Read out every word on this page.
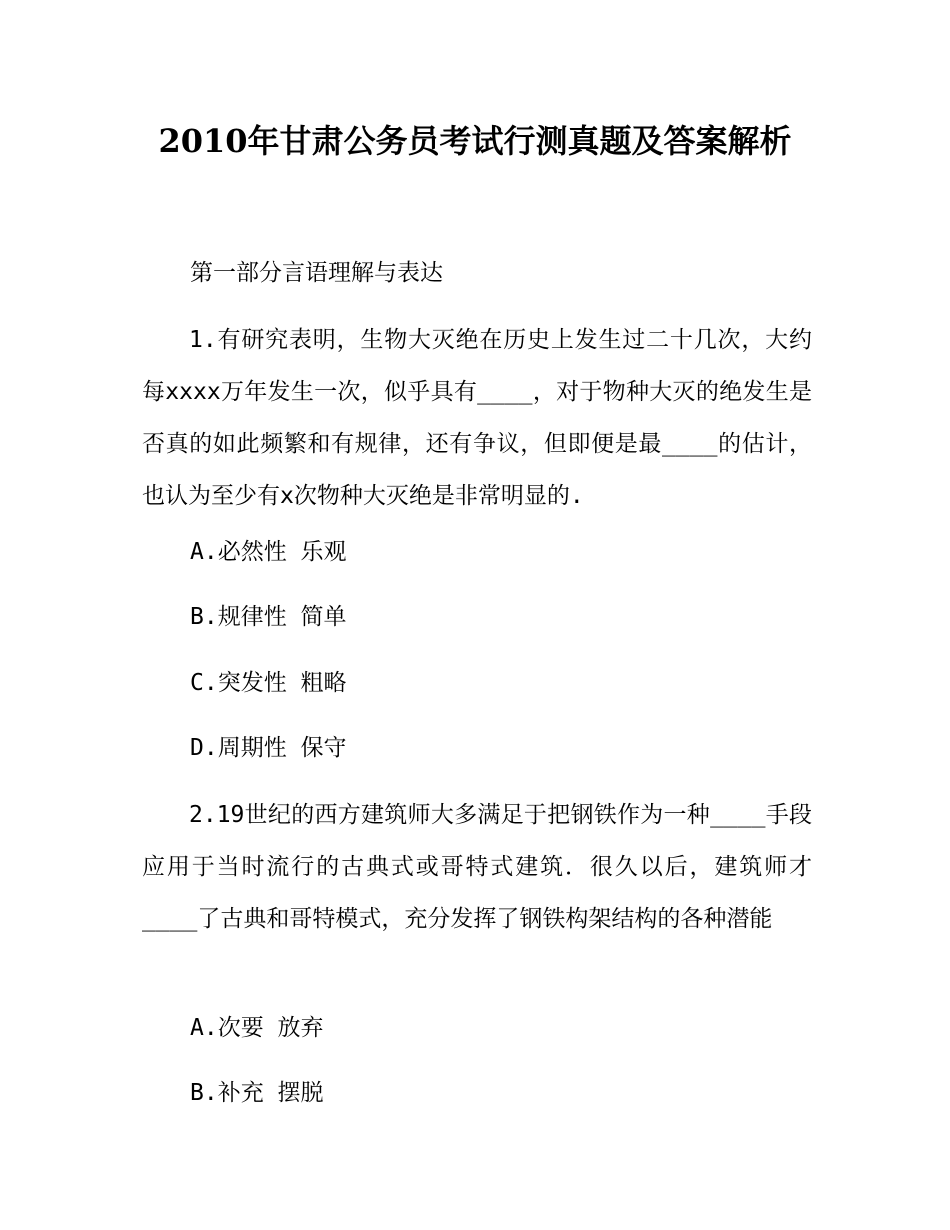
2010年甘肃公务员考试行测真题及答案解析
第一部分言语理解与表达
1.有研究表明，生物大灭绝在历史上发生过二十几次，大约每xxxx万年发生一次，似乎具有____，对于物种大灭的绝发生是否真的如此频繁和有规律，还有争议，但即便是最____的估计，也认为至少有x次物种大灭绝是非常明显的.
A.必然性 乐观
B.规律性 简单
C.突发性 粗略
D.周期性 保守
2.19世纪的西方建筑师大多满足于把钢铁作为一种____手段应用于当时流行的古典式或哥特式建筑．很久以后，建筑师才____了古典和哥特模式，充分发挥了钢铁构架结构的各种潜能
A.次要 放弃
B.补充 摆脱
